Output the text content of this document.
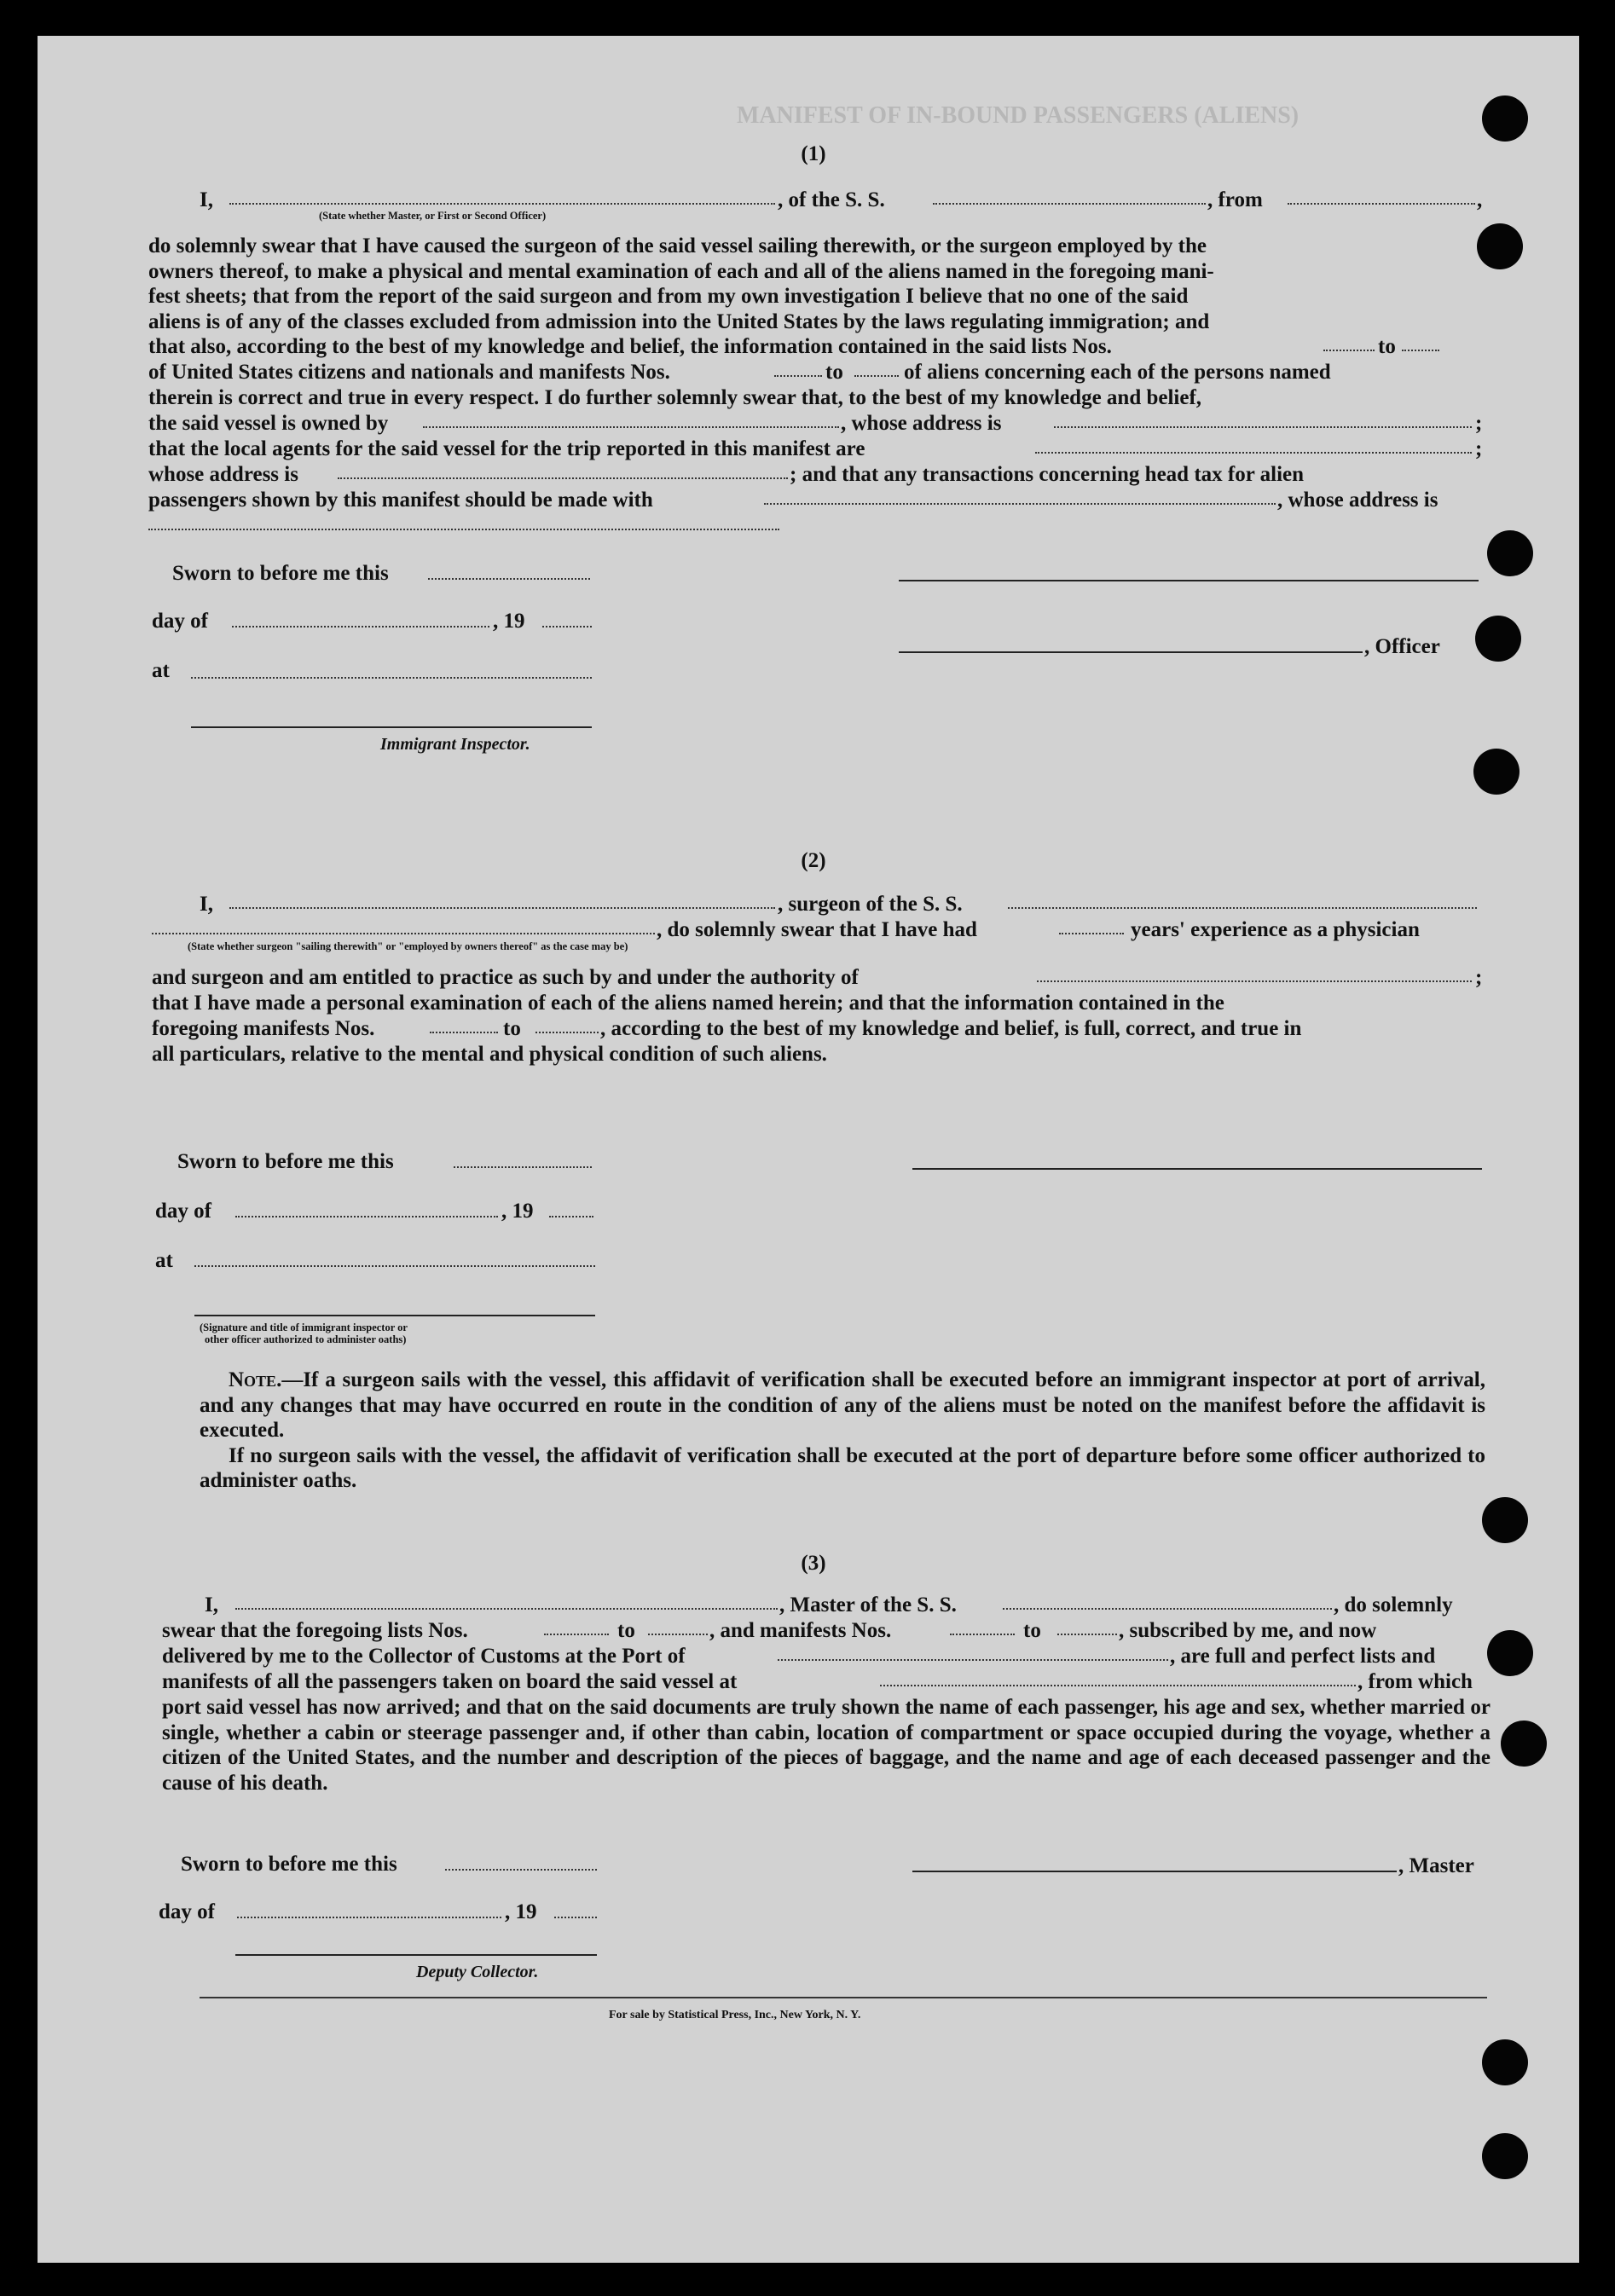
MANIFEST OF IN-BOUND PASSENGERS (ALIENS)
(1)
I,
(State whether Master, or First or Second Officer)
, of the S. S.	, from	,

do solemnly swear that I have caused the surgeon of the said vessel sailing therewith, or the surgeon employed by the

owners thereof, to make a physical and mental examination of each and all of the aliens named in the foregoing mani-

fest sheets; that from the report of the said surgeon and from my own investigation I believe that no one of the said

aliens is of any of the classes excluded from admission into the United States by the laws regulating immigration; and

that also, according to the best of my knowledge and belief, the information contained in the said lists Nos.	to
of United States citizens and nationals and manifests Nos.	to	of aliens concerning each of the persons named
therein is correct and true in every respect. I do further solemnly swear that, to the best of my knowledge and belief,
the said vessel is owned by	, whose address is	;
that the local agents for the said vessel for the trip reported in this manifest are	;
whose address is	; and that any transactions concerning head tax for alien
passengers shown by this manifest should be made with	, whose address is
Sworn to before me this
day of	, 19
, Officer
at
Immigrant Inspector.
(2)
I,	, surgeon of the S. S.
, do solemnly swear that I have had	years' experience as a physician
(State whether surgeon "sailing therewith" or "employed by owners thereof" as the case may be)
and surgeon and am entitled to practice as such by and under the authority of	;

that I have made a personal examination of each of the aliens named herein; and that the information contained in the

foregoing manifests Nos.	to	, according to the best of my knowledge and belief, is full, correct, and true in
all particulars, relative to the mental and physical condition of such aliens.
Sworn to before me this
day of	, 19
at
(Signature and title of immigrant inspector or
other officer authorized to administer oaths)

Note.—If a surgeon sails with the vessel, this affidavit of verification shall be executed before an immigrant inspector at port of arrival, and any changes that may have occurred en route in the condition of any of the aliens must be noted on the manifest before the affidavit is executed.

If no surgeon sails with the vessel, the affidavit of verification shall be executed at the port of departure before some officer authorized to administer oaths.

(3)
I,	, Master of the S. S.	, do solemnly
swear that the foregoing lists Nos.	to	, and manifests Nos.	to	, subscribed by me, and now
delivered by me to the Collector of Customs at the Port of	, are full and perfect lists and
manifests of all the passengers taken on board the said vessel at	, from which

port said vessel has now arrived; and that on the said documents are truly shown the name of each passenger, his age and sex, whether married or single, whether a cabin or steerage passenger and, if other than cabin, location of compartment or space occupied during the voyage, whether a citizen of the United States, and the number and description of the pieces of baggage, and the name and age of each deceased passenger and the cause of his death.

Sworn to before me this	, Master
day of	, 19
Deputy Collector.
For sale by Statistical Press, Inc., New York, N. Y.
